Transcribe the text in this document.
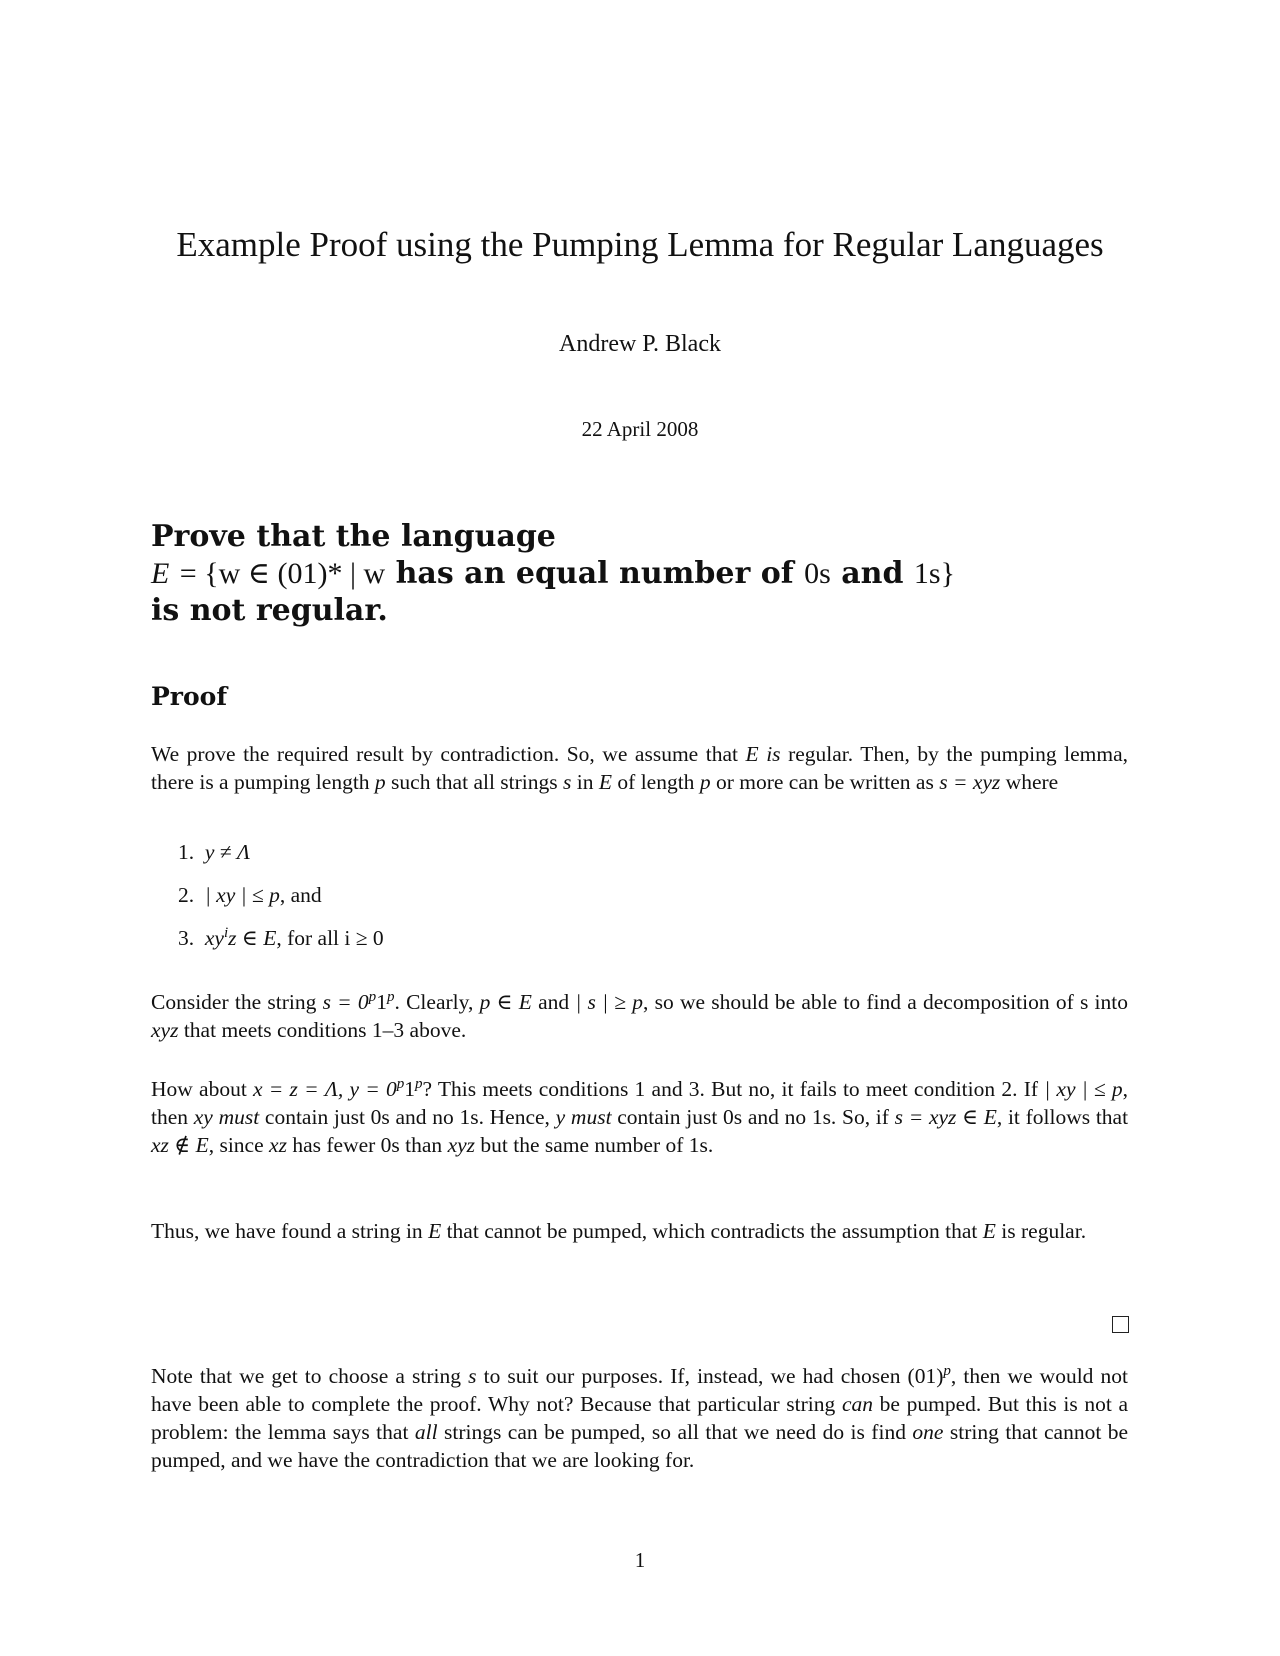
Example Proof using the Pumping Lemma for Regular Languages
Andrew P. Black
22 April 2008
Prove that the language
E = {w ∈ (01)* | w has an equal number of 0s and 1s}
is not regular.
Proof

We prove the required result by contradiction. So, we assume that E is regular. Then, by the pumping lemma, there is a pumping length p such that all strings s in E of length p or more can be written as s = xyz where

1. y ≠ Λ
2. | xy | ≤ p, and
3. $xy^iz$ ∈ E, for all i ≥ 0

Consider the string $s = 0^p1^p$. Clearly, p ∈ E and | s | ≥ p, so we should be able to find a decomposition of s into xyz that meets conditions 1–3 above.

How about x = z = Λ, $y = 0^p1^p$? This meets conditions 1 and 3. But no, it fails to meet condition 2. If | xy | ≤ p, then xy must contain just 0s and no 1s. Hence, y must contain just 0s and no 1s. So, if s = xyz ∈ E, it follows that xz ∉ E, since xz has fewer 0s than xyz but the same number of 1s.

Thus, we have found a string in E that cannot be pumped, which contradicts the assumption that E is regular.

Note that we get to choose a string s to suit our purposes. If, instead, we had chosen $(01)^p$, then we would not have been able to complete the proof. Why not? Because that particular string can be pumped. But this is not a problem: the lemma says that all strings can be pumped, so all that we need do is find one string that cannot be pumped, and we have the contradiction that we are looking for.

1
